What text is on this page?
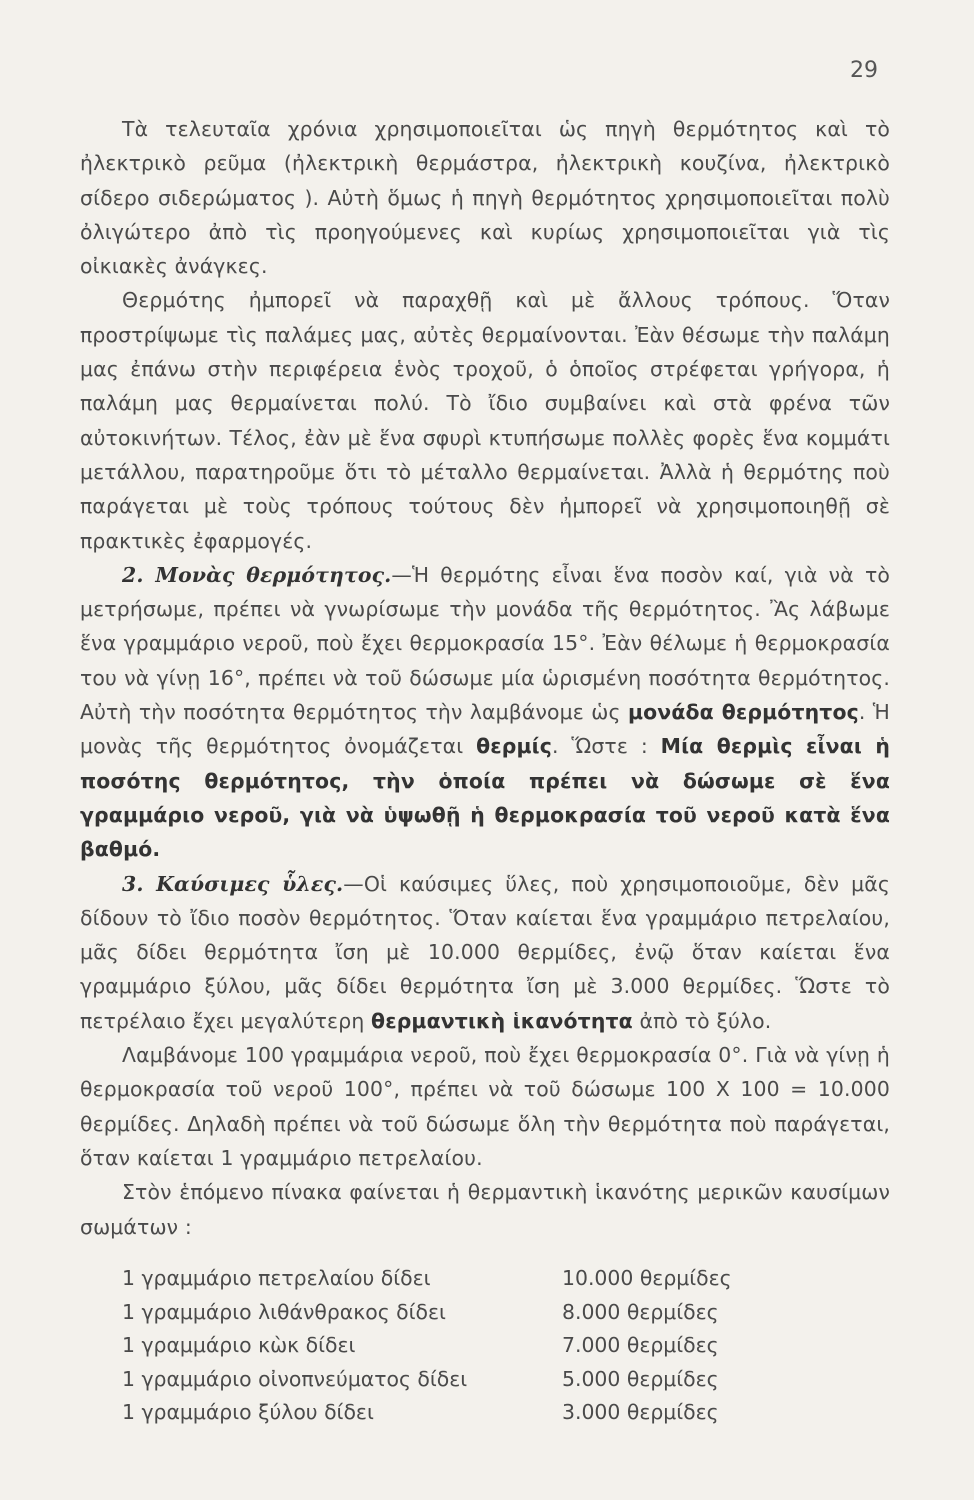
29

Τὰ τελευταῖα χρόνια χρησιμοποιεῖται ὡς πηγὴ θερμότητος καὶ τὸ ἠλεκτρικὸ ρεῦμα (ἠλεκτρικὴ θερμάστρα, ἠλεκτρικὴ κουζίνα, ἠλεκτρικὸ σίδερο σιδερώματος ). Αὐτὴ ὅμως ἡ πηγὴ θερμότητος χρησιμοποιεῖται πολὺ ὀλιγώτερο ἀπὸ τὶς προηγούμενες καὶ κυρίως χρησιμοποιεῖται γιὰ τὶς οἰκιακὲς ἀνάγκες.

Θερμότης ἠμπορεῖ νὰ παραχθῇ καὶ μὲ ἄλλους τρόπους. Ὅταν προστρίψωμε τὶς παλάμες μας, αὐτὲς θερμαίνονται. Ἐὰν θέσωμε τὴν παλάμη μας ἐπάνω στὴν περιφέρεια ἑνὸς τροχοῦ, ὁ ὁποῖος στρέφεται γρήγορα, ἡ παλάμη μας θερμαίνεται πολύ. Τὸ ἴδιο συμβαίνει καὶ στὰ φρένα τῶν αὐτοκινήτων. Τέλος, ἐὰν μὲ ἕνα σφυρὶ κτυπήσωμε πολλὲς φορὲς ἕνα κομμάτι μετάλλου, παρατηροῦμε ὅτι τὸ μέταλλο θερμαίνεται. Ἀλλὰ ἡ θερμότης ποὺ παράγεται μὲ τοὺς τρόπους τούτους δὲν ἠμπορεῖ νὰ χρησιμοποιηθῇ σὲ πρακτικὲς ἐφαρμογές.

2. Μονὰς θερμότητος.—Ἡ θερμότης εἶναι ἕνα ποσὸν καί, γιὰ νὰ τὸ μετρήσωμε, πρέπει νὰ γνωρίσωμε τὴν μονάδα τῆς θερμότητος. Ἂς λάβωμε ἕνα γραμμάριο νεροῦ, ποὺ ἔχει θερμοκρασία 15°. Ἐὰν θέλωμε ἡ θερμοκρασία του νὰ γίνῃ 16°, πρέπει νὰ τοῦ δώσωμε μία ὡρισμένη ποσότητα θερμότητος. Αὐτὴ τὴν ποσότητα θερμότητος τὴν λαμβάνομε ὡς μονάδα θερμότητος. Ἡ μονὰς τῆς θερμότητος ὀνομάζεται θερμίς. Ὥστε : Μία θερμὶς εἶναι ἡ ποσότης θερμότητος, τὴν ὁποία πρέπει νὰ δώσωμε σὲ ἕνα γραμμάριο νεροῦ, γιὰ νὰ ὑψωθῇ ἡ θερμοκρασία τοῦ νεροῦ κατὰ ἕνα βαθμό.

3. Καύσιμες ὗλες.—Οἱ καύσιμες ὕλες, ποὺ χρησιμοποιοῦμε, δὲν μᾶς δίδουν τὸ ἴδιο ποσὸν θερμότητος. Ὅταν καίεται ἕνα γραμμάριο πετρελαίου, μᾶς δίδει θερμότητα ἴση μὲ 10.000 θερμίδες, ἐνῷ ὅταν καίεται ἕνα γραμμάριο ξύλου, μᾶς δίδει θερμότητα ἴση μὲ 3.000 θερμίδες. Ὥστε τὸ πετρέλαιο ἔχει μεγαλύτερη θερμαντικὴ ἱκανότητα ἀπὸ τὸ ξύλο.

Λαμβάνομε 100 γραμμάρια νεροῦ, ποὺ ἔχει θερμοκρασία 0°. Γιὰ νὰ γίνῃ ἡ θερμοκρασία τοῦ νεροῦ 100°, πρέπει νὰ τοῦ δώσωμε 100 X 100 = 10.000 θερμίδες. Δηλαδὴ πρέπει νὰ τοῦ δώσωμε ὅλη τὴν θερμότητα ποὺ παράγεται, ὅταν καίεται 1 γραμμάριο πετρελαίου.

Στὸν ἑπόμενο πίνακα φαίνεται ἡ θερμαντικὴ ἱκανότης μερικῶν καυσίμων σωμάτων :

1 γραμμάριο πετρελαίου δίδει	10.000 θερμίδες
1 γραμμάριο λιθάνθρακος δίδει	8.000 θερμίδες
1 γραμμάριο κὼκ δίδει	7.000 θερμίδες
1 γραμμάριο οἰνοπνεύματος δίδει	5.000 θερμίδες
1 γραμμάριο ξύλου δίδει	3.000 θερμίδες
